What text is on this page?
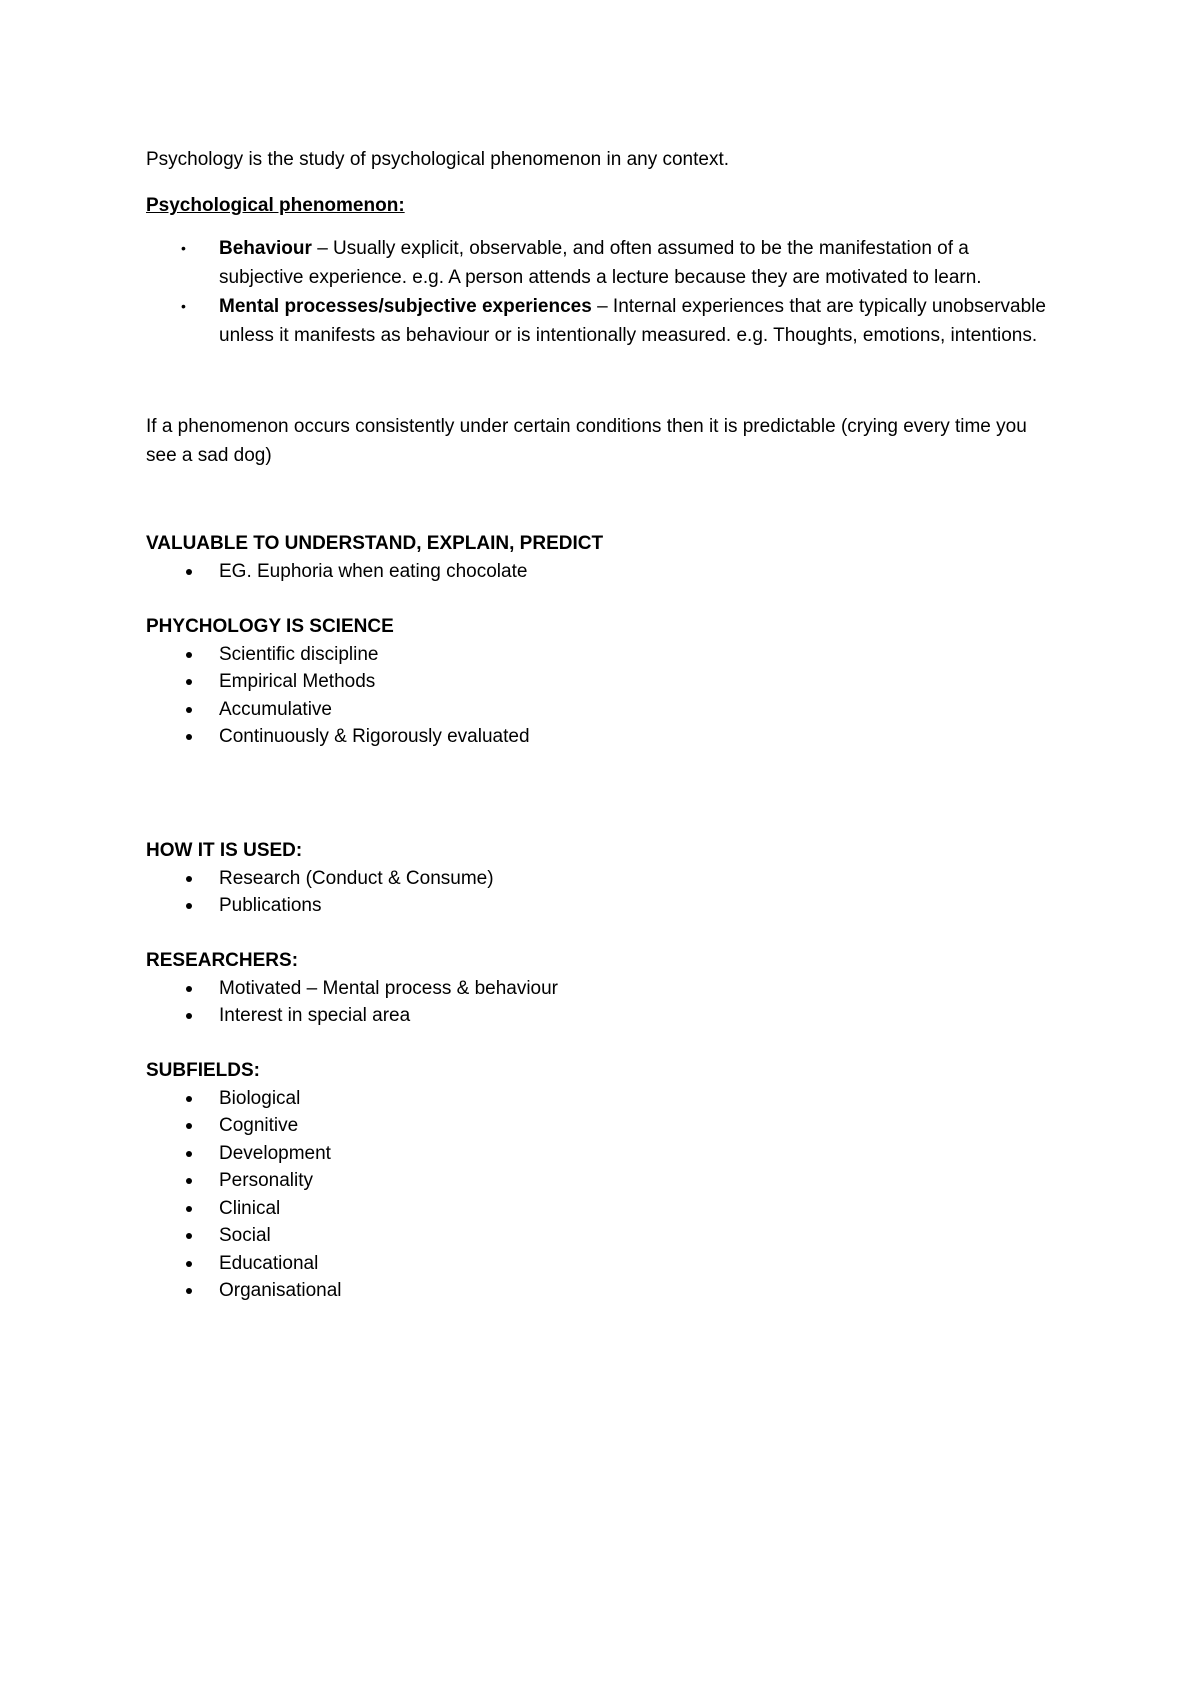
Psychology is the study of psychological phenomenon in any context.

Psychological phenomenon:

•	Behaviour – Usually explicit, observable, and often assumed to be the manifestation of a subjective experience. e.g. A person attends a lecture because they are motivated to learn.
•	Mental processes/subjective experiences – Internal experiences that are typically unobservable unless it manifests as behaviour or is intentionally measured. e.g. Thoughts, emotions, intentions.

If a phenomenon occurs consistently under certain conditions then it is predictable (crying every time you see a sad dog)

VALUABLE TO UNDERSTAND, EXPLAIN, PREDICT

EG. Euphoria when eating chocolate

PHYCHOLOGY IS SCIENCE

Scientific discipline
Empirical Methods
Accumulative
Continuously & Rigorously evaluated

HOW IT IS USED:

Research (Conduct & Consume)
Publications

RESEARCHERS:

Motivated – Mental process & behaviour
Interest in special area

SUBFIELDS:

Biological
Cognitive
Development
Personality
Clinical
Social
Educational
Organisational
